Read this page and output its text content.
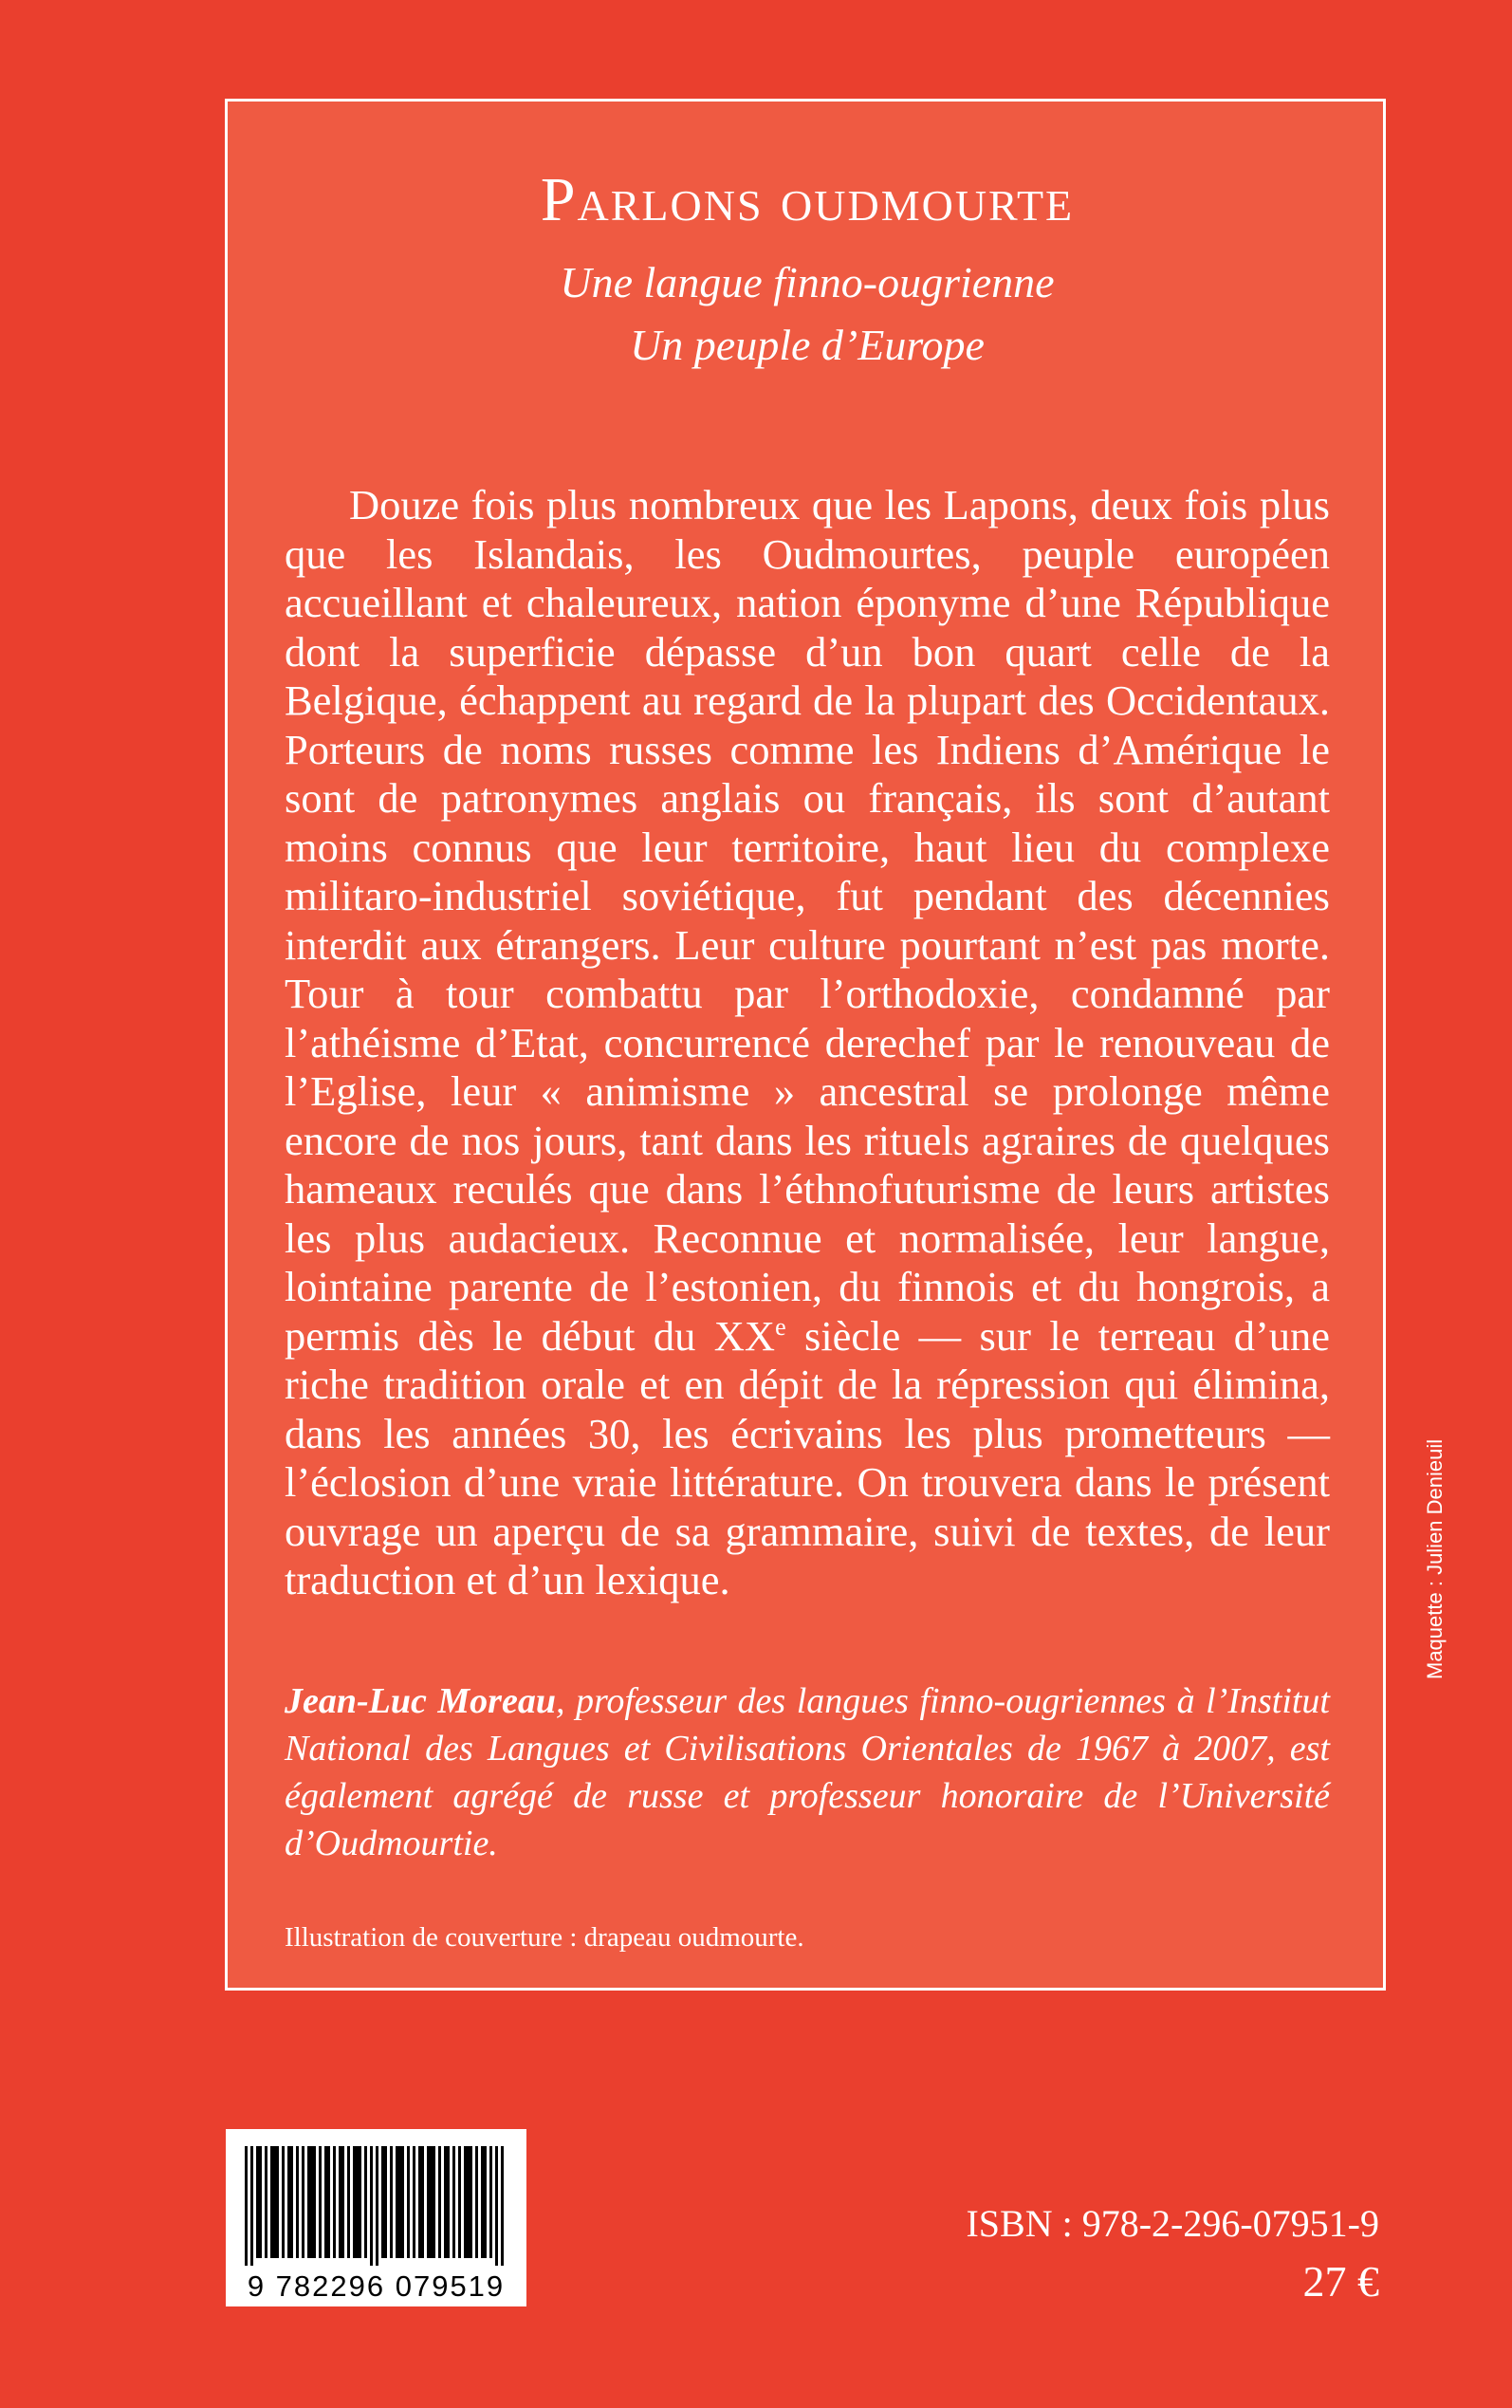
Parlons oudmourte
Une langue finno-ougrienne
Un peuple d’Europe

Douze fois plus nombreux que les Lapons, deux fois plus que les Islandais, les Oudmourtes, peuple européen accueillant et chaleureux, nation éponyme d’une République dont la superficie dépasse d’un bon quart celle de la Belgique, échappent au regard de la plupart des Occidentaux. Porteurs de noms russes comme les Indiens d’Amérique le sont de patronymes anglais ou français, ils sont d’autant moins connus que leur territoire, haut lieu du complexe militaro-industriel soviétique, fut pendant des décennies interdit aux étrangers. Leur culture pourtant n’est pas morte. Tour à tour combattu par l’orthodoxie, condamné par l’athéisme d’Etat, concurrencé derechef par le renouveau de l’Eglise, leur « animisme » ancestral se prolonge même encore de nos jours, tant dans les rituels agraires de quelques hameaux reculés que dans l’éthnofuturisme de leurs artistes les plus audacieux. Reconnue et normalisée, leur langue, lointaine parente de l’estonien, du finnois et du hongrois, a permis dès le début du XXe siècle — sur le terreau d’une riche tradition orale et en dépit de la répression qui élimina, dans les années 30, les écrivains les plus prometteurs — l’éclosion d’une vraie littérature. On trouvera dans le présent ouvrage un aperçu de sa grammaire, suivi de textes, de leur traduction et d’un lexique.

Jean-Luc Moreau, professeur des langues finno-ougriennes à l’Institut National des Langues et Civilisations Orientales de 1967 à 2007, est également agrégé de russe et professeur honoraire de l’Université d’Oudmourtie.

Illustration de couverture : drapeau oudmourte.

Maquette : Julien Denieuil
9 782296 079519
ISBN : 978-2-296-07951-9
27 €
